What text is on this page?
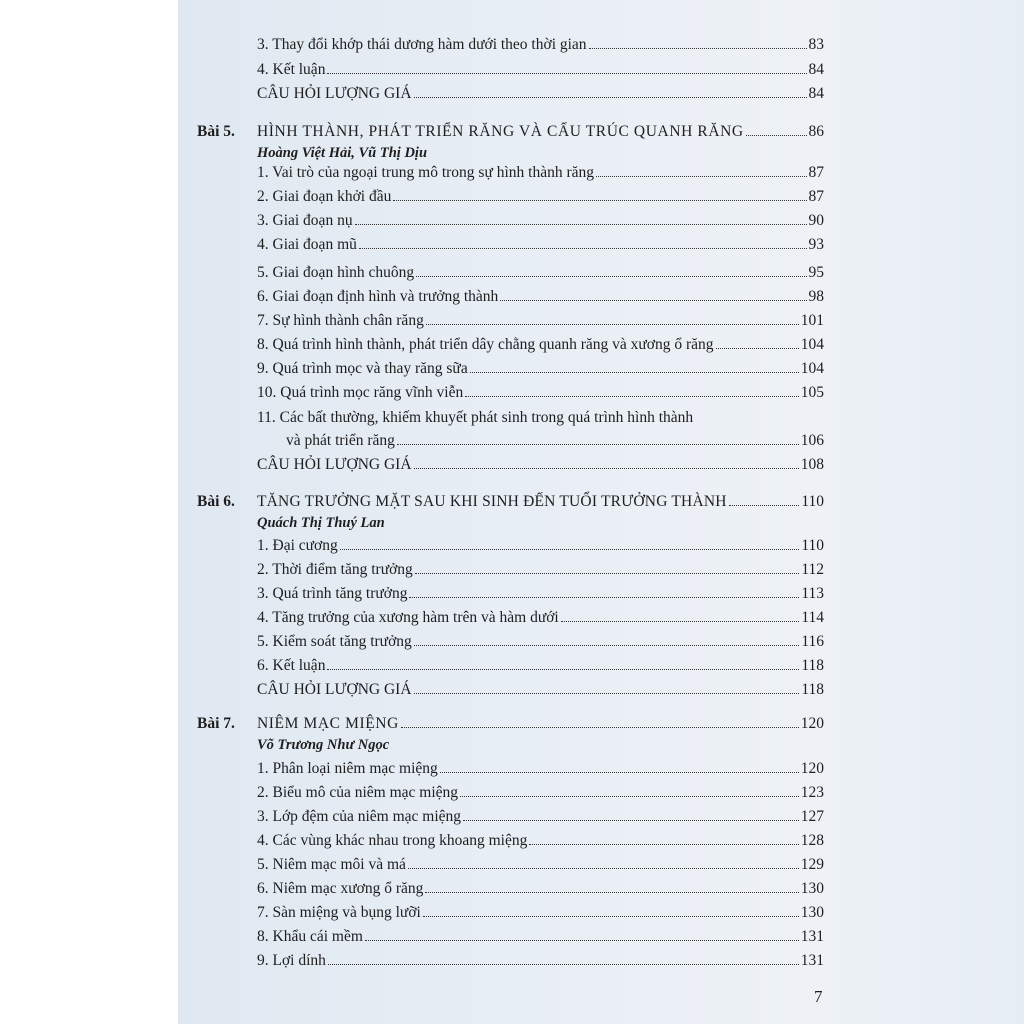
3. Thay đổi khớp thái dương hàm dưới theo thời gian	83
4. Kết luận	84
CÂU HỎI LƯỢNG GIÁ	84
Bài 5. HÌNH THÀNH, PHÁT TRIỂN RĂNG VÀ CẤU TRÚC QUANH RĂNG	86
Hoàng Việt Hải, Vũ Thị Dịu
1. Vai trò của ngoại trung mô trong sự hình thành răng	87
2. Giai đoạn khởi đầu	87
3. Giai đoạn nụ	90
4. Giai đoạn mũ	93
5. Giai đoạn hình chuông	95
6. Giai đoạn định hình và trưởng thành	98
7. Sự hình thành chân răng	101
8. Quá trình hình thành, phát triển dây chằng quanh răng và xương ổ răng	104
9. Quá trình mọc và thay răng sữa	104
10. Quá trình mọc răng vĩnh viễn	105
11. Các bất thường, khiếm khuyết phát sinh trong quá trình hình thành
và phát triển răng	106
CÂU HỎI LƯỢNG GIÁ	108
Bài 6. TĂNG TRƯỞNG MẶT SAU KHI SINH ĐẾN TUỔI TRƯỞNG THÀNH	110
Quách Thị Thuý Lan
1. Đại cương	110
2. Thời điểm tăng trưởng	112
3. Quá trình tăng trưởng	113
4. Tăng trưởng của xương hàm trên và hàm dưới	114
5. Kiểm soát tăng trưởng	116
6. Kết luận	118
CÂU HỎI LƯỢNG GIÁ	118
Bài 7. NIÊM MẠC MIỆNG	120
Võ Trương Như Ngọc
1. Phân loại niêm mạc miệng	120
2. Biểu mô của niêm mạc miệng	123
3. Lớp đệm của niêm mạc miệng	127
4. Các vùng khác nhau trong khoang miệng	128
5. Niêm mạc môi và má	129
6. Niêm mạc xương ổ răng	130
7. Sàn miệng và bụng lưỡi	130
8. Khẩu cái mềm	131
9. Lợi dính	131
7
